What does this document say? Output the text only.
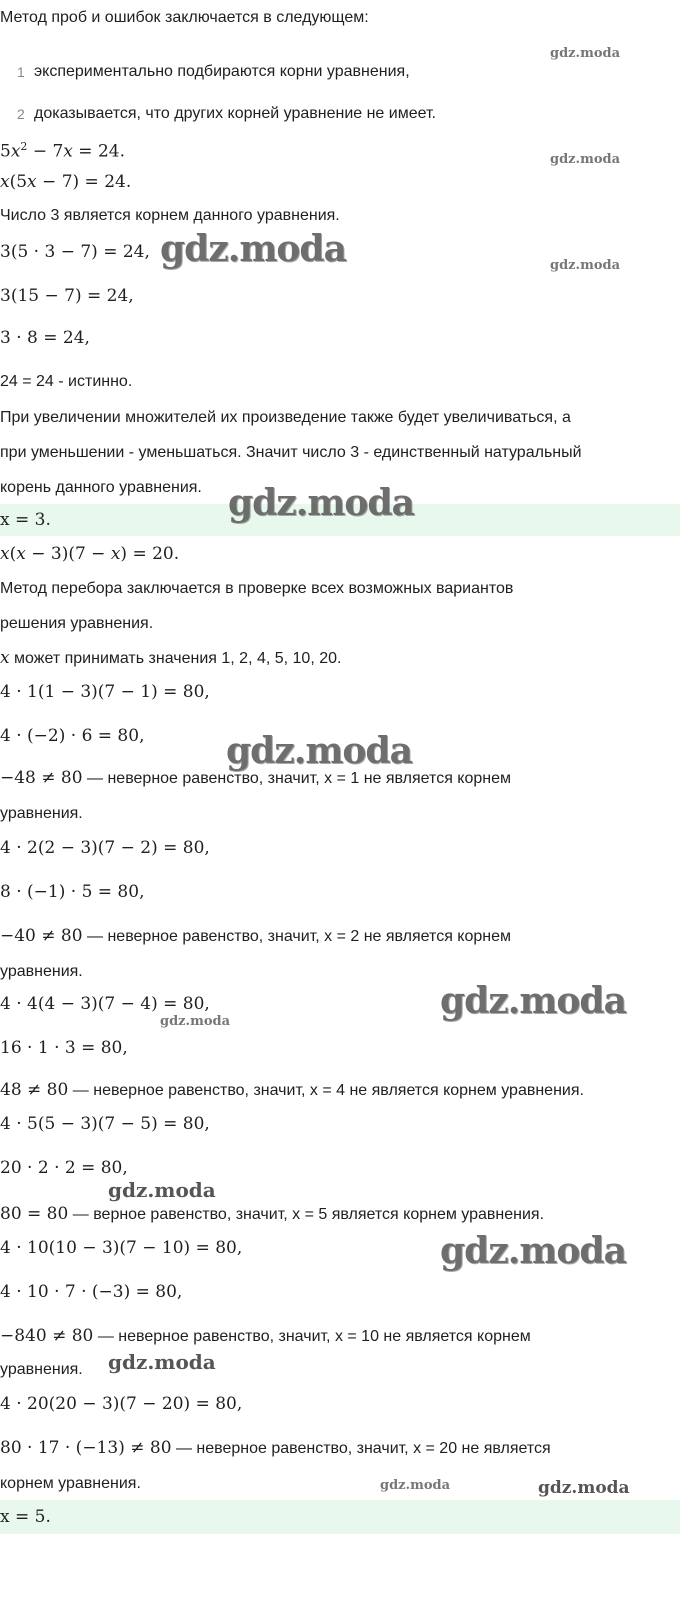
Метод проб и ошибок заключается в следующем:
1 экспериментально подбираются корни уравнения,
2 доказывается, что других корней уравнение не имеет.
$5x^2 - 7x = 24$.
x(5x − 7) = 24.
Число 3 является корнем данного уравнения.
3(5 · 3 − 7) = 24,
3(15 − 7) = 24,
3 · 8 = 24,
24 = 24 - истинно.
При увеличении множителей их произведение также будет увеличиваться, а
при уменьшении - уменьшаться. Значит число 3 - единственный натуральный
корень данного уравнения.
x = 3.
x(x − 3)(7 − x) = 20.
Метод перебора заключается в проверке всех возможных вариантов
решения уравнения.
x может принимать значения 1, 2, 4, 5, 10, 20.
4 · 1(1 − 3)(7 − 1) = 80,
4 · (−2) · 6 = 80,
−48 ≠ 80 — неверное равенство, значит, x = 1 не является корнем
уравнения.
4 · 2(2 − 3)(7 − 2) = 80,
8 · (−1) · 5 = 80,
−40 ≠ 80 — неверное равенство, значит, x = 2 не является корнем
уравнения.
4 · 4(4 − 3)(7 − 4) = 80,
16 · 1 · 3 = 80,
48 ≠ 80 — неверное равенство, значит, x = 4 не является корнем уравнения.
4 · 5(5 − 3)(7 − 5) = 80,
20 · 2 · 2 = 80,
80 = 80 — верное равенство, значит, x = 5 является корнем уравнения.
4 · 10(10 − 3)(7 − 10) = 80,
4 · 10 · 7 · (−3) = 80,
−840 ≠ 80 — неверное равенство, значит, x = 10 не является корнем
уравнения.
4 · 20(20 − 3)(7 − 20) = 80,
80 · 17 · (−13) ≠ 80 — неверное равенство, значит, x = 20 не является
корнем уравнения.
x = 5.
gdz.moda
gdz.moda
gdz.moda
gdz.moda
gdz.moda
gdz.moda
gdz.moda
gdz.moda
gdz.moda
gdz.moda
gdz.moda
gdz.moda	gdz.moda
